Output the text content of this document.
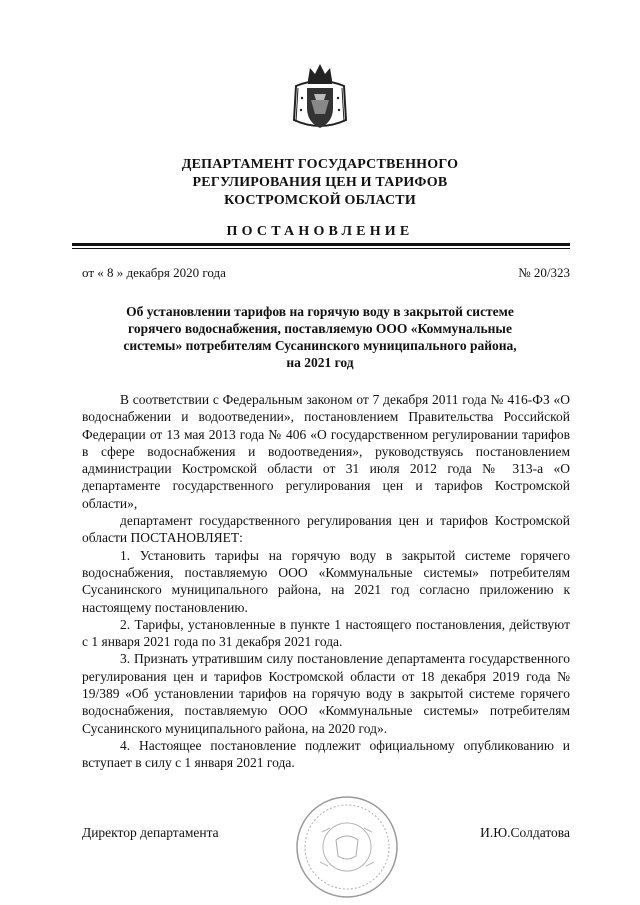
ДЕПАРТАМЕНТ ГОСУДАРСТВЕННОГО
РЕГУЛИРОВАНИЯ ЦЕН И ТАРИФОВ
КОСТРОМСКОЙ ОБЛАСТИ
ПОСТАНОВЛЕНИЕ
от « 8 » декабря 2020 года	№ 20/323
Об установлении тарифов на горячую воду в закрытой системе
горячего водоснабжения, поставляемую ООО «Коммунальные
системы» потребителям Сусанинского муниципального района,
на 2021 год

В соответствии с Федеральным законом от 7 декабря 2011 года № 416-ФЗ «О водоснабжении и водоотведении», постановлением Правительства Российской Федерации от 13 мая 2013 года № 406 «О государственном регулировании тарифов в сфере водоснабжения и водоотведения», руководствуясь постановлением администрации Костромской области от 31 июля 2012 года № 313-а «О департаменте государственного регулирования цен и тарифов Костромской области»,

департамент государственного регулирования цен и тарифов Костромской области ПОСТАНОВЛЯЕТ:

1. Установить тарифы на горячую воду в закрытой системе горячего водоснабжения, поставляемую ООО «Коммунальные системы» потребителям Сусанинского муниципального района, на 2021 год согласно приложению к настоящему постановлению.

2. Тарифы, установленные в пункте 1 настоящего постановления, действуют с 1 января 2021 года по 31 декабря 2021 года.

3. Признать утратившим силу постановление департамента государственного регулирования цен и тарифов Костромской области от 18 декабря 2019 года № 19/389 «Об установлении тарифов на горячую воду в закрытой системе горячего водоснабжения, поставляемую ООО «Коммунальные системы» потребителям Сусанинского муниципального района, на 2020 год».

4. Настоящее постановление подлежит официальному опубликованию и вступает в силу с 1 января 2021 года.

Директор департамента	И.Ю.Солдатова
